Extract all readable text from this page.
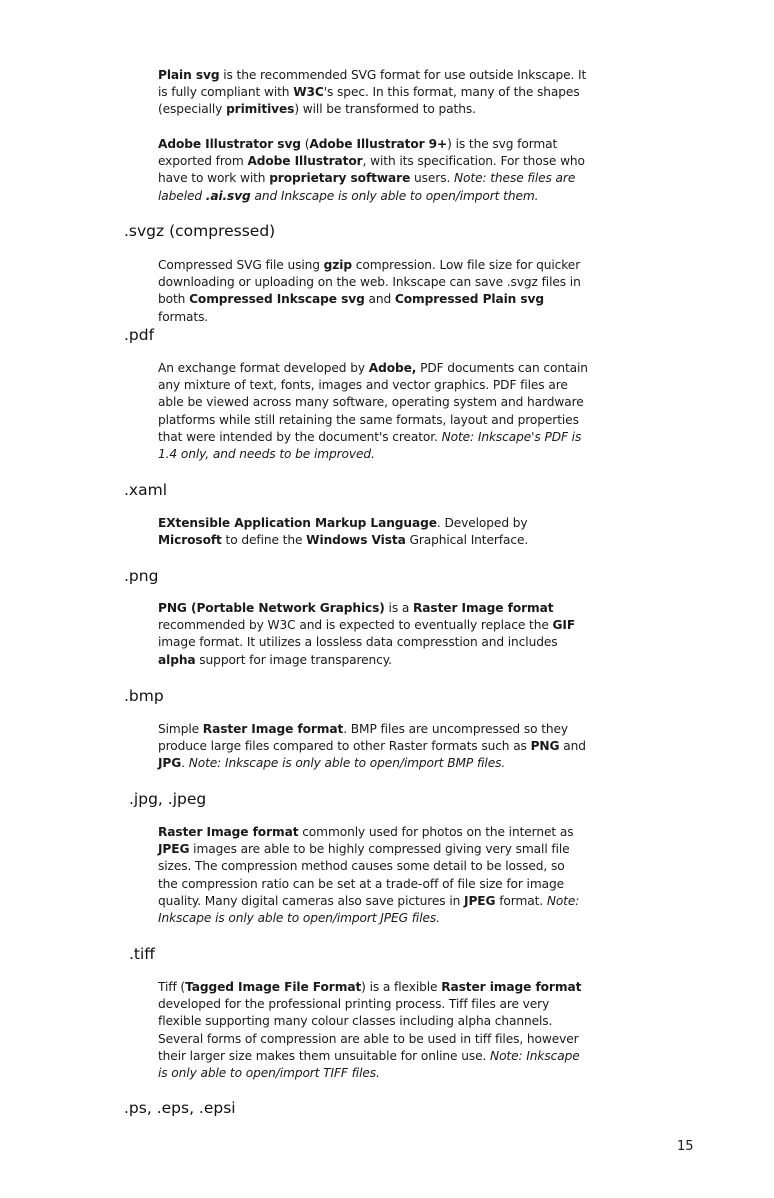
Plain svg is the recommended SVG format for use outside Inkscape. It is fully compliant with W3C's spec. In this format, many of the shapes (especially primitives) will be transformed to paths.
Adobe Illustrator svg (Adobe Illustrator 9+) is the svg format exported from Adobe Illustrator, with its specification. For those who have to work with proprietary software users. Note: these files are labeled .ai.svg and Inkscape is only able to open/import them.
.svgz (compressed)
Compressed SVG file using gzip compression. Low file size for quicker downloading or uploading on the web. Inkscape can save .svgz files in both Compressed Inkscape svg and Compressed Plain svg formats.
.pdf
An exchange format developed by Adobe, PDF documents can contain any mixture of text, fonts, images and vector graphics. PDF files are able be viewed across many software, operating system and hardware platforms while still retaining the same formats, layout and properties that were intended by the document's creator. Note: Inkscape's PDF is 1.4 only, and needs to be improved.
.xaml
EXtensible Application Markup Language. Developed by Microsoft to define the Windows Vista Graphical Interface.
.png
PNG (Portable Network Graphics) is a Raster Image format recommended by W3C and is expected to eventually replace the GIF image format. It utilizes a lossless data compresstion and includes alpha support for image transparency.
.bmp
Simple Raster Image format. BMP files are uncompressed so they produce large files compared to other Raster formats such as PNG and JPG. Note: Inkscape is only able to open/import BMP files.
.jpg, .jpeg
Raster Image format commonly used for photos on the internet as JPEG images are able to be highly compressed giving very small file sizes. The compression method causes some detail to be lossed, so the compression ratio can be set at a trade-off of file size for image quality. Many digital cameras also save pictures in JPEG format. Note: Inkscape is only able to open/import JPEG files.
.tiff
Tiff (Tagged Image File Format) is a flexible Raster image format developed for the professional printing process. Tiff files are very flexible supporting many colour classes including alpha channels. Several forms of compression are able to be used in tiff files, however their larger size makes them unsuitable for online use. Note: Inkscape is only able to open/import TIFF files.
.ps, .eps, .epsi
15
